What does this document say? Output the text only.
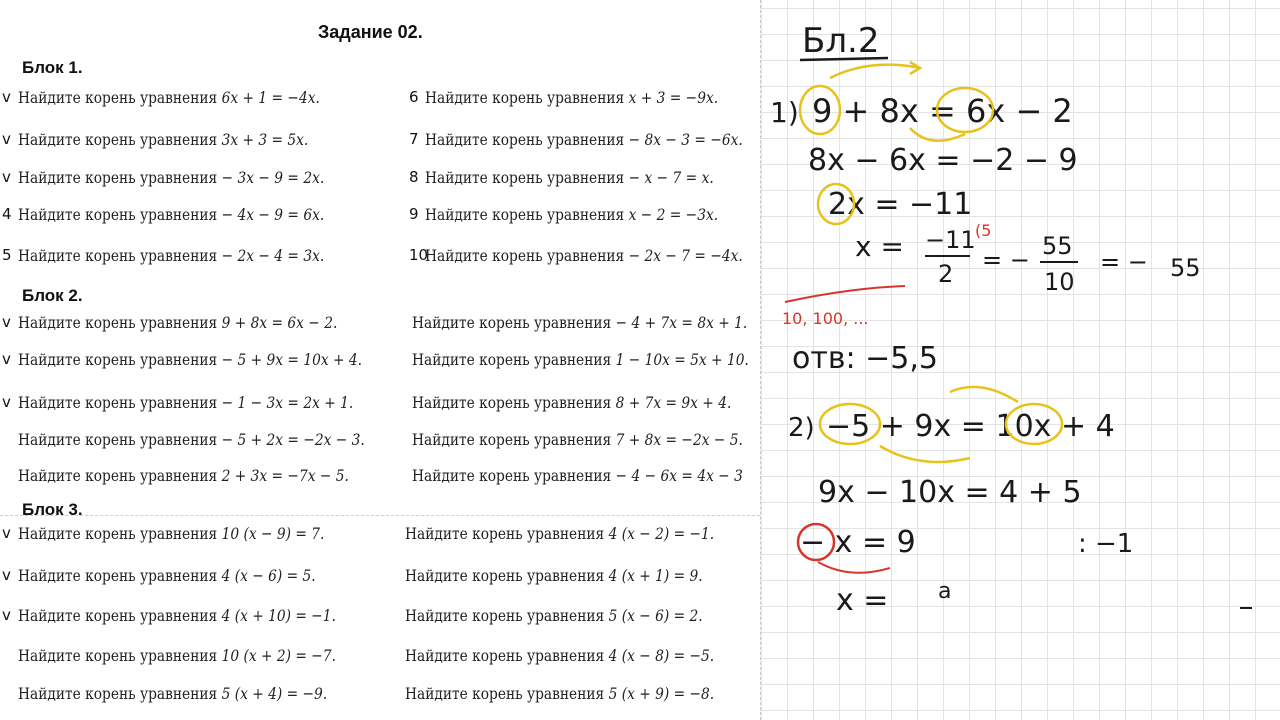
Задание 02.
Блок 1.
v Найдите корень уравнения 6x + 1 = −4x.
v Найдите корень уравнения 3x + 3 = 5x.
v Найдите корень уравнения − 3x − 9 = 2x.
4 Найдите корень уравнения − 4x − 9 = 6x.
5 Найдите корень уравнения − 2x − 4 = 3x.
6 Найдите корень уравнения x + 3 = −9x.
7 Найдите корень уравнения − 8x − 3 = −6x.
8 Найдите корень уравнения − x − 7 = x.
9 Найдите корень уравнения x − 2 = −3x.
10
Найдите корень уравнения − 2x − 7 = −4x.
Блок 2.
v Найдите корень уравнения 9 + 8x = 6x − 2.
v Найдите корень уравнения − 5 + 9x = 10x + 4.
v Найдите корень уравнения − 1 − 3x = 2x + 1.
Найдите корень уравнения − 5 + 2x = −2x − 3.
Найдите корень уравнения 2 + 3x = −7x − 5.
Найдите корень уравнения − 4 + 7x = 8x + 1.
Найдите корень уравнения 1 − 10x = 5x + 10.
Найдите корень уравнения 8 + 7x = 9x + 4.
Найдите корень уравнения 7 + 8x = −2x − 5.
Найдите корень уравнения − 4 − 6x = 4x − 3
Блок 3.
v Найдите корень уравнения 10 (x − 9) = 7.
v Найдите корень уравнения 4 (x − 6) = 5.
v Найдите корень уравнения 4 (x + 10) = −1.
Найдите корень уравнения 10 (x + 2) = −7.
Найдите корень уравнения 5 (x + 4) = −9.
Найдите корень уравнения 4 (x − 2) = −1.
Найдите корень уравнения 4 (x + 1) = 9.
Найдите корень уравнения 5 (x − 6) = 2.
Найдите корень уравнения 4 (x − 8) = −5.
Найдите корень уравнения 5 (x + 9) = −8.
Бл.2
1) 9 + 8x = 6x − 2
8x − 6x = −2 − 9
2x = −11
x = −11
2 = − 55
10
= − 55
(5
10, 100, ...
отв: −5,5
2) −5 + 9x = 10x + 4
9x − 10x = 4 + 5
− x = 9	: −1
x = а
